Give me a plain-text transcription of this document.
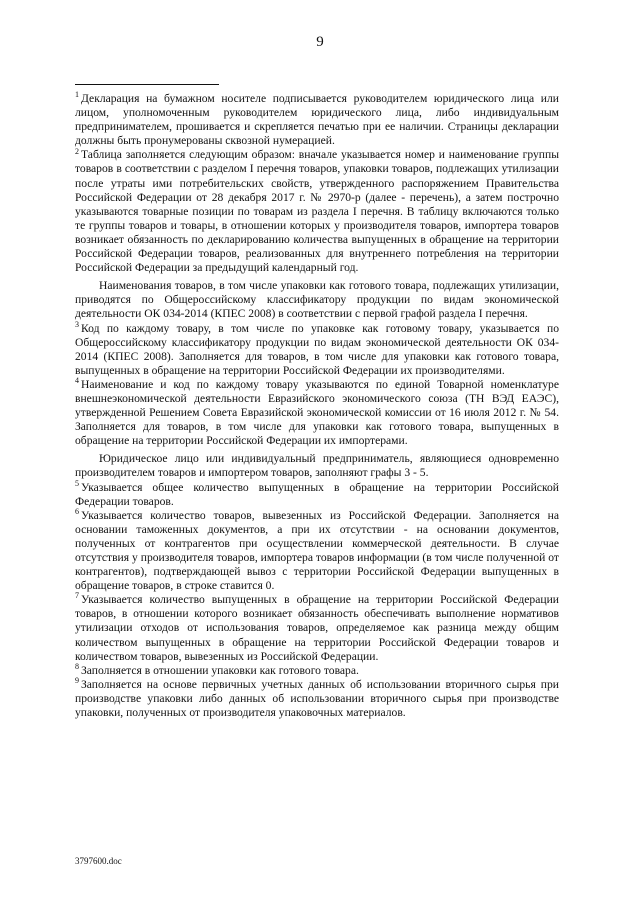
9
$^1$ Декларация на бумажном носителе подписывается руководителем юридического лица или лицом, уполномоченным руководителем юридического лица, либо индивидуальным предпринимателем, прошивается и скрепляется печатью при ее наличии. Страницы декларации должны быть пронумерованы сквозной нумерацией.
$^2$ Таблица заполняется следующим образом: вначале указывается номер и наименование группы товаров в соответствии с разделом I перечня товаров, упаковки товаров, подлежащих утилизации после утраты ими потребительских свойств, утвержденного распоряжением Правительства Российской Федерации от 28 декабря 2017 г. № 2970-р (далее - перечень), а затем построчно указываются товарные позиции по товарам из раздела I перечня. В таблицу включаются только те группы товаров и товары, в отношении которых у производителя товаров, импортера товаров возникает обязанность по декларированию количества выпущенных в обращение на территории Российской Федерации товаров, реализованных для внутреннего потребления на территории Российской Федерации за предыдущий календарный год.

Наименования товаров, в том числе упаковки как готового товара, подлежащих утилизации, приводятся по Общероссийскому классификатору продукции по видам экономической деятельности ОК 034-2014 (КПЕС 2008) в соответствии с первой графой раздела I перечня.

$^3$ Код по каждому товару, в том числе по упаковке как готовому товару, указывается по Общероссийскому классификатору продукции по видам экономической деятельности ОК 034-2014 (КПЕС 2008). Заполняется для товаров, в том числе для упаковки как готового товара, выпущенных в обращение на территории Российской Федерации их производителями.
$^4$ Наименование и код по каждому товару указываются по единой Товарной номенклатуре внешнеэкономической деятельности Евразийского экономического союза (ТН ВЭД ЕАЭС), утвержденной Решением Совета Евразийской экономической комиссии от 16 июля 2012 г. № 54. Заполняется для товаров, в том числе для упаковки как готового товара, выпущенных в обращение на территории Российской Федерации их импортерами.

Юридическое лицо или индивидуальный предприниматель, являющиеся одновременно производителем товаров и импортером товаров, заполняют графы 3 - 5.

$^5$ Указывается общее количество выпущенных в обращение на территории Российской Федерации товаров.
$^6$ Указывается количество товаров, вывезенных из Российской Федерации. Заполняется на основании таможенных документов, а при их отсутствии - на основании документов, полученных от контрагентов при осуществлении коммерческой деятельности. В случае отсутствия у производителя товаров, импортера товаров информации (в том числе полученной от контрагентов), подтверждающей вывоз с территории Российской Федерации выпущенных в обращение товаров, в строке ставится 0.
$^7$ Указывается количество выпущенных в обращение на территории Российской Федерации товаров, в отношении которого возникает обязанность обеспечивать выполнение нормативов утилизации отходов от использования товаров, определяемое как разница между общим количеством выпущенных в обращение на территории Российской Федерации товаров и количеством товаров, вывезенных из Российской Федерации.
$^8$ Заполняется в отношении упаковки как готового товара.
$^9$ Заполняется на основе первичных учетных данных об использовании вторичного сырья при производстве упаковки либо данных об использовании вторичного сырья при производстве упаковки, полученных от производителя упаковочных материалов.
3797600.doc
